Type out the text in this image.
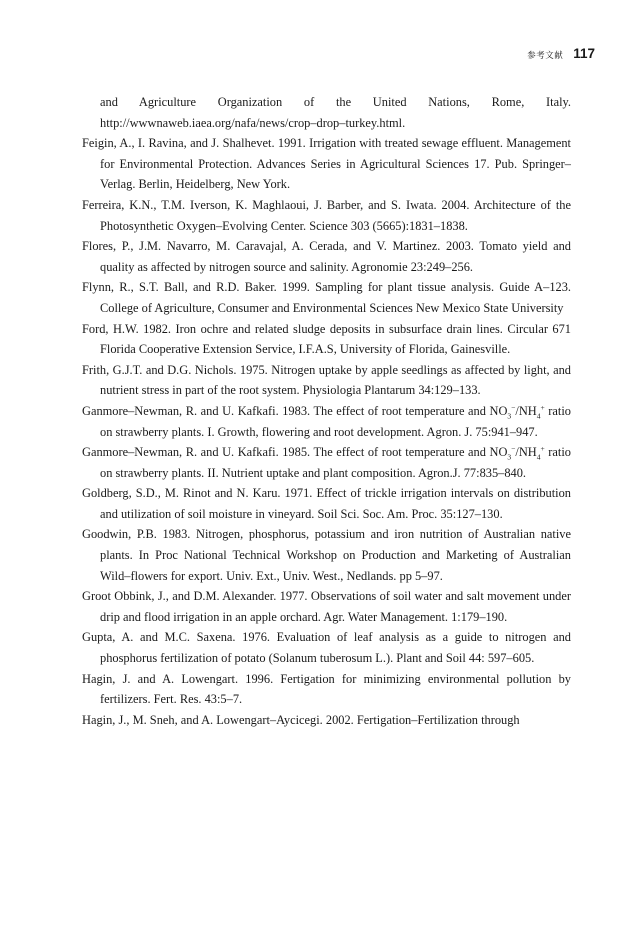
参考文献 117

and Agriculture Organization of the United Nations, Rome, Italy. http://wwwnaweb.iaea.org/nafa/news/crop–drop–turkey.html.

Feigin, A., I. Ravina, and J. Shalhevet. 1991. Irrigation with treated sewage effluent. Management for Environmental Protection. Advances Series in Agricultural Sciences 17. Pub. Springer–Verlag. Berlin, Heidelberg, New York.

Ferreira, K.N., T.M. Iverson, K. Maghlaoui, J. Barber, and S. Iwata. 2004. Architecture of the Photosynthetic Oxygen–Evolving Center. Science 303 (5665):1831–1838.

Flores, P., J.M. Navarro, M. Caravajal, A. Cerada, and V. Martinez. 2003. Tomato yield and quality as affected by nitrogen source and salinity. Agronomie 23:249–256.

Flynn, R., S.T. Ball, and R.D. Baker. 1999. Sampling for plant tissue analysis. Guide A–123. College of Agriculture, Consumer and Environmental Sciences New Mexico State University

Ford, H.W. 1982. Iron ochre and related sludge deposits in subsurface drain lines. Circular 671 Florida Cooperative Extension Service, I.F.A.S, University of Florida, Gainesville.

Frith, G.J.T. and D.G. Nichols. 1975. Nitrogen uptake by apple seedlings as affected by light, and nutrient stress in part of the root system. Physiologia Plantarum 34:129–133.

Ganmore–Newman, R. and U. Kafkafi. 1983. The effect of root temperature and $NO_3^-/NH_4^+$ ratio on strawberry plants. I. Growth, flowering and root development. Agron. J. 75:941–947.

Ganmore–Newman, R. and U. Kafkafi. 1985. The effect of root temperature and $NO_3^-/NH_4^+$ ratio on strawberry plants. II. Nutrient uptake and plant composition. Agron.J. 77:835–840.

Goldberg, S.D., M. Rinot and N. Karu. 1971. Effect of trickle irrigation intervals on distribution and utilization of soil moisture in vineyard. Soil Sci. Soc. Am. Proc. 35:127–130.

Goodwin, P.B. 1983. Nitrogen, phosphorus, potassium and iron nutrition of Australian native plants. In Proc National Technical Workshop on Production and Marketing of Australian Wild–flowers for export. Univ. Ext., Univ. West., Nedlands. pp 5–97.

Groot Obbink, J., and D.M. Alexander. 1977. Observations of soil water and salt movement under drip and flood irrigation in an apple orchard. Agr. Water Management. 1:179–190.

Gupta, A. and M.C. Saxena. 1976. Evaluation of leaf analysis as a guide to nitrogen and phosphorus fertilization of potato (Solanum tuberosum L.). Plant and Soil 44: 597–605.

Hagin, J. and A. Lowengart. 1996. Fertigation for minimizing environmental pollution by fertilizers. Fert. Res. 43:5–7.

Hagin, J., M. Sneh, and A. Lowengart–Aycicegi. 2002. Fertigation–Fertilization through
